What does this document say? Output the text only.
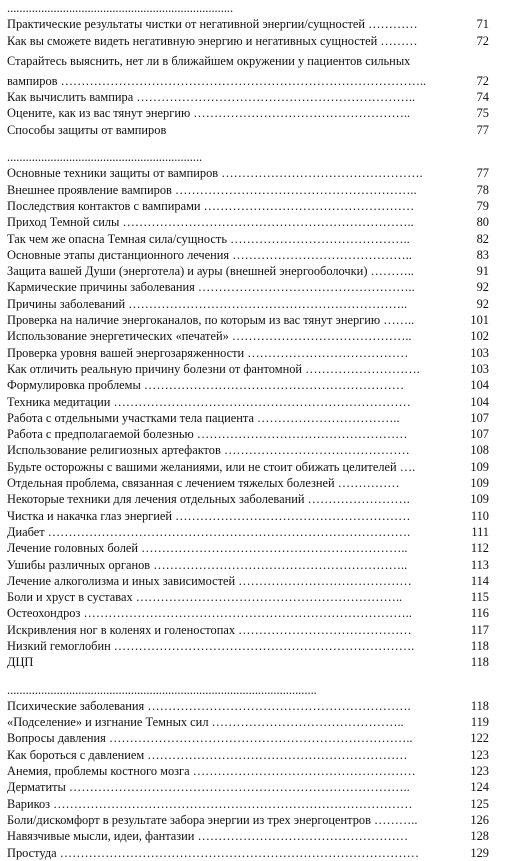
.........................................................................
Практические результаты чистки от негативной энергии/сущностей …………	71
Как вы сможете видеть негативную энергию и негативных сущностей ………	72
Старайтесь выяснить, нет ли в ближайшем окружении у пациентов сильных
вампиров ……………………………………………………………………………..	72
Как вычислить вампира …………………………………………………………..	74
Оцените, как из вас тянут энергию ……………………………………………..	75
Способы защиты от вампиров	77
...............................................................
Основные техники защиты от вампиров ………………………………………….	77
Внешнее проявление вампиров …………………………………………………..	78
Последствия контактов с вампирами ……………………………………………	79
Приход Темной силы ……………………………………………………………..	80
Так чем же опасна Темная сила/сущность ……………………………………..	82
Основные этапы дистанционного лечения ……………………………………..	83
Защита вашей Души (энерготела) и ауры (внешней энергооболочки) ………..	91
Кармические причины заболевания ……………………………………………..	92
Причины заболеваний …………………………………………………………..	92
Проверка на наличие энергоканалов, по которым из вас тянут энергию ……..	101
Использование энергетических «печатей» ……………………………………..	102
Проверка уровня вашей энергозаряженности …………………………………	103
Как отличить реальную причину болезни от фантомной ……………………….	103
Формулировка проблемы ………………………………………………………	104
Техника медитации ………………………………………………………………	104
Работа с отдельными участками тела пациента ……………………………..	107
Работа с предполагаемой болезнью ……………………………………………	107
Использование религиозных артефактов ………………………………………	108
Будьте осторожны с вашими желаниями, или не стоит обижать целителей ….	109
Отдельная проблема, связанная с лечением тяжелых болезней ……………	109
Некоторые техники для лечения отдельных заболеваний …………………….	109
Чистка и накачка глаз энергией …………………………………………………	110
Диабет …………………………………………………………………………….	111
Лечение головных болей ………………………………………………………..	112
Ушибы различных органов ……………………………………………………..	113
Лечение алкоголизма и иных зависимостей ……………………………………	114
Боли и хруст в суставах ………………………………………………………..	115
Остеохондроз ……………………………………………………………………..	116
Искривления ног в коленях и голеностопах ……………………………………	117
Низкий гемоглобин ……………………………………………………………….	118
ДЦП	118
....................................................................................................
Психические заболевания ……………………………………………………….	118
«Подселение» и изгнание Темных сил ………………………………………..	119
Вопросы давления ………………………………………………………………..	122
Как бороться с давлением ………………………………………………………	123
Анемия, проблемы костного мозга ………………………………………………	123
Дерматиты ………………………………………………………………………..	124
Варикоз ……………………………………………………………………………	125
Боли/дискомфорт в результате забора энергии из трех энергоцентров ………..	126
Навязчивые мысли, идеи, фантазии ……………………………………………	128
Простуда ……………………………………………………………………………	129
